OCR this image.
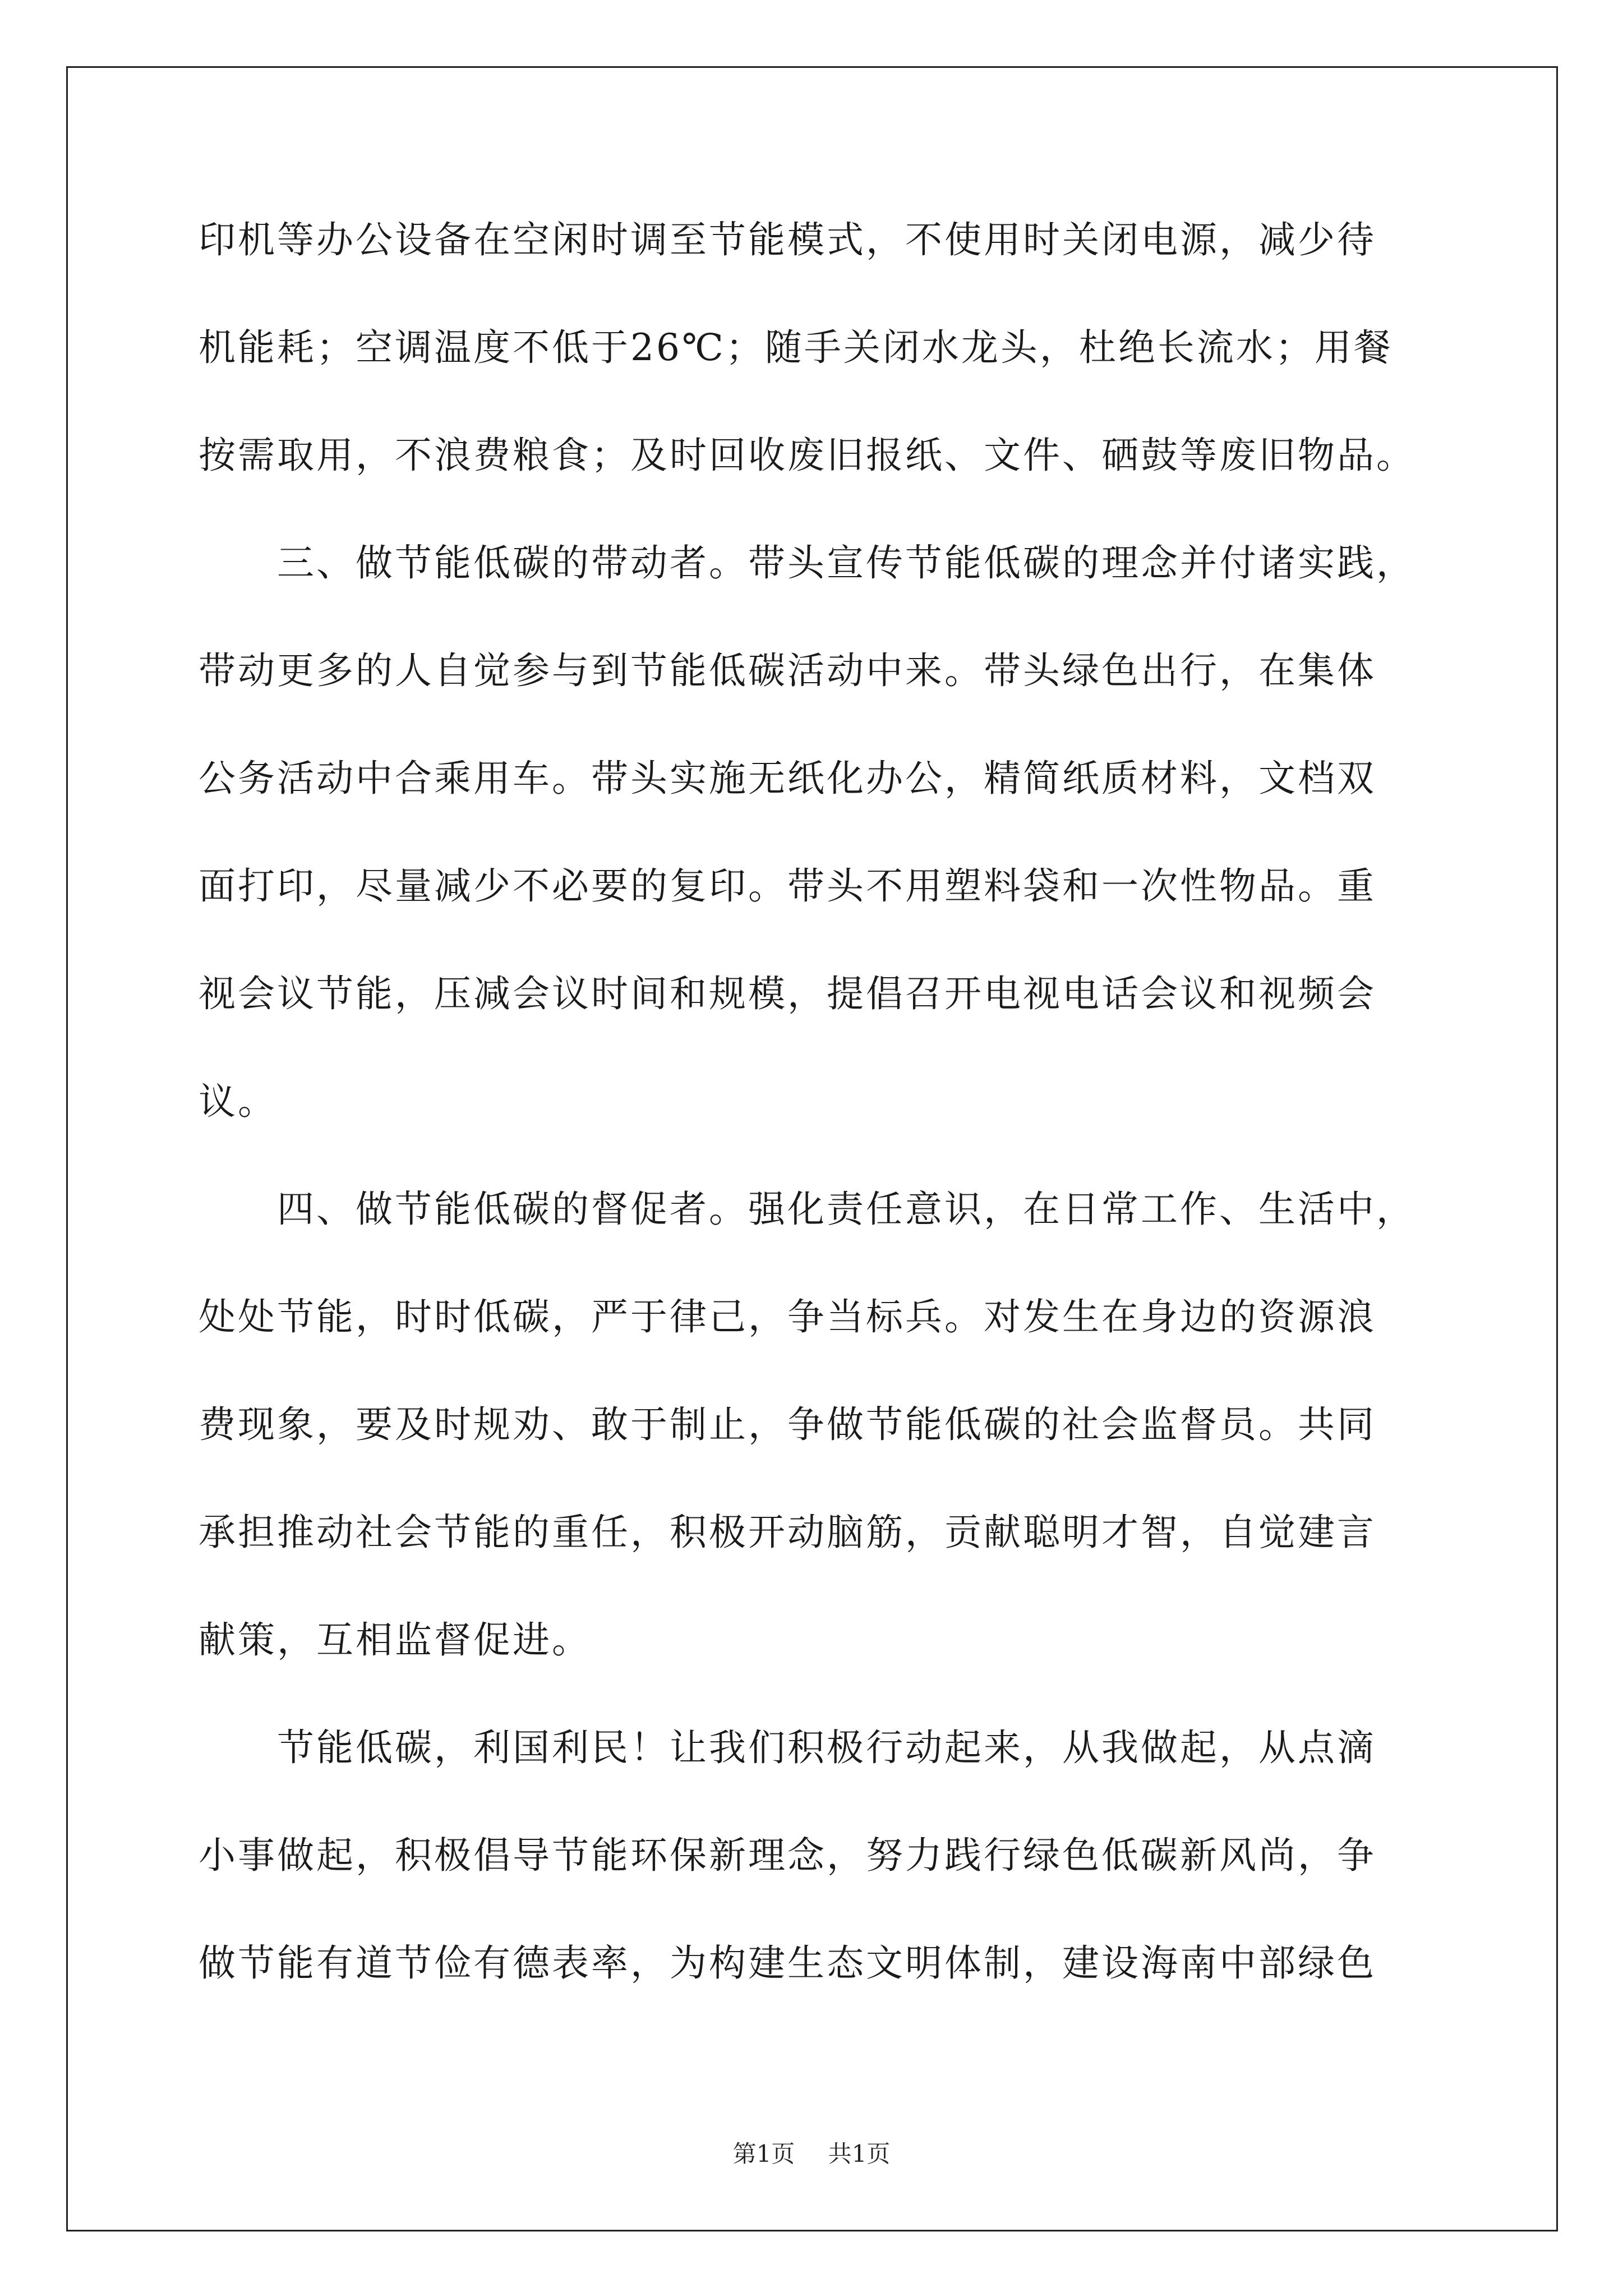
印机等办公设备在空闲时调至节能模式，不使用时关闭电源，减少待
机能耗；空调温度不低于26℃；随手关闭水龙头，杜绝长流水；用餐
按需取用，不浪费粮食；及时回收废旧报纸、文件、硒鼓等废旧物品。
　　三、做节能低碳的带动者。带头宣传节能低碳的理念并付诸实践，
带动更多的人自觉参与到节能低碳活动中来。带头绿色出行，在集体
公务活动中合乘用车。带头实施无纸化办公，精简纸质材料，文档双
面打印，尽量减少不必要的复印。带头不用塑料袋和一次性物品。重
视会议节能，压减会议时间和规模，提倡召开电视电话会议和视频会
议。
　　四、做节能低碳的督促者。强化责任意识，在日常工作、生活中，
处处节能，时时低碳，严于律己，争当标兵。对发生在身边的资源浪
费现象，要及时规劝、敢于制止，争做节能低碳的社会监督员。共同
承担推动社会节能的重任，积极开动脑筋，贡献聪明才智，自觉建言
献策，互相监督促进。
　　节能低碳，利国利民！让我们积极行动起来，从我做起，从点滴
小事做起，积极倡导节能环保新理念，努力践行绿色低碳新风尚，争
做节能有道节俭有德表率，为构建生态文明体制，建设海南中部绿色
第1页 共1页
